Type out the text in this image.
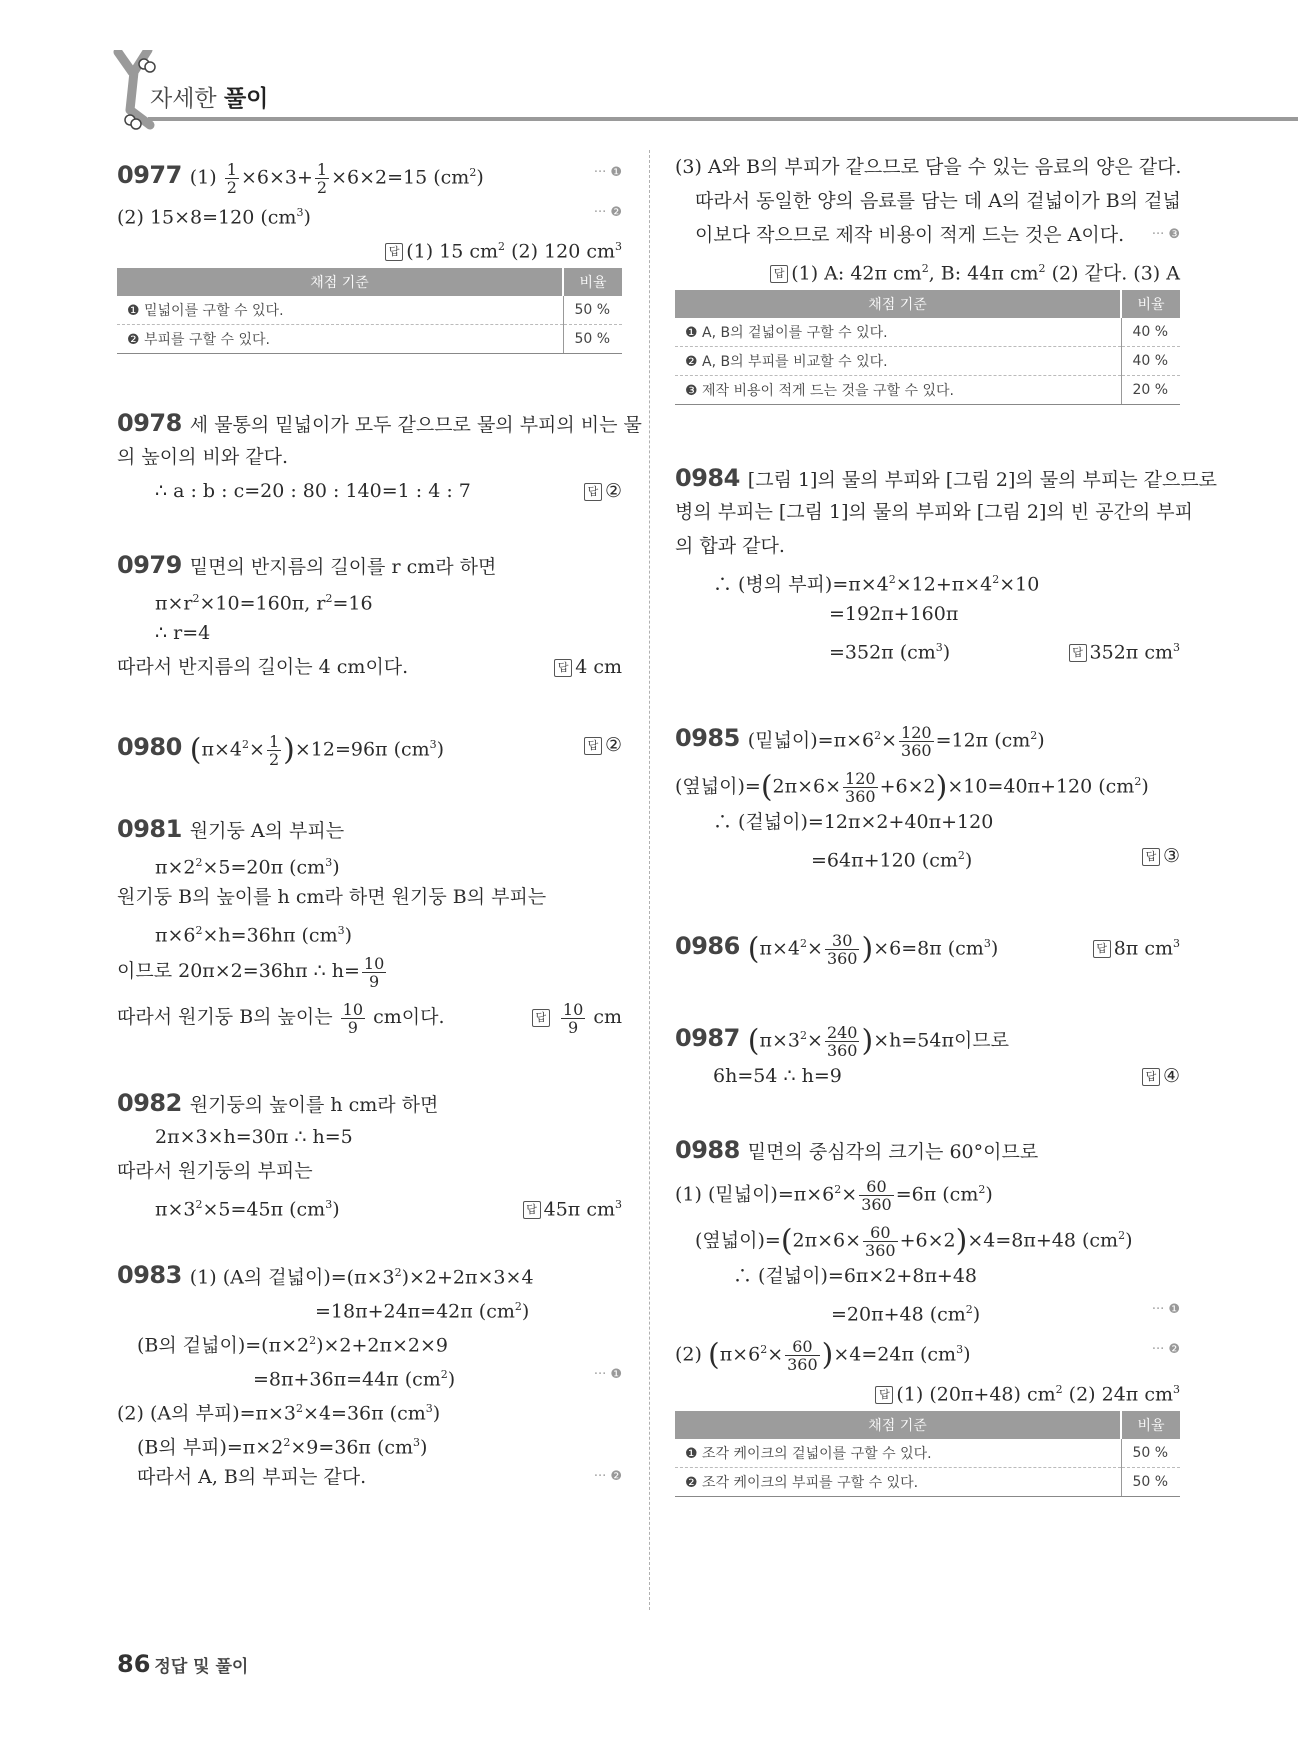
자세한 풀이
0977 $(1) \frac{1}{2} \times 6\times 3+ \frac{1}{2} \times 6\times 2=15$ $(cm^2)$	··· ❶
(2) 15×8=120 $(cm^3)$	··· ❷
답 (1) 15 $cm^2$ (2) 120 $cm^3$
채점 기준	비율
❶ 밑넓이를 구할 수 있다.	50 %
❷ 부피를 구할 수 있다.	50 %
0978 세 물통의 밑넓이가 모두 같으므로 물의 부피의 비는 물
의 높이의 비와 같다.
∴ a : b : c=20 : 80 : 140=1 : 4 : 7	답 ②
0979 밑면의 반지름의 길이를 r cm라 하면
$\pi\times r^2\times 10=160\pi$, $r^2=16$
∴ r=4
따라서 반지름의 길이는 4 cm이다.	답 4 cm
0980 $(\pi\times 4^2\times \frac{1}{2} )\times 12=96\pi$ $(cm^3)$	답 ②
0981 원기둥 A의 부피는
$\pi\times 2^2\times 5=20\pi$ $(cm^3)$
원기둥 B의 높이를 h cm라 하면 원기둥 B의 부피는
$\pi\times 6^2\times h=36h\pi$ $(cm^3)$
이므로 20π×2=36hπ ∴ $h= \frac{10}{9}$
따라서 원기둥 B의 높이는 $\frac{10}{9}$ cm이다.	답 $\frac{10}{9}$ cm
0982 원기둥의 높이를 h cm라 하면
2π×3×h=30π ∴ h=5
따라서 원기둥의 부피는
$\pi\times 3^2\times 5=45\pi$ $(cm^3)$	답 45π $cm^3$
0983 (1) (A의 겉넓이)$=(\pi\times 3^2)\times 2+2\pi\times 3\times 4$
=18π+24π=42π $(cm^2)$
(B의 겉넓이)$=(\pi\times 2^2)\times 2+2\pi\times 2\times 9$
=8π+36π=44π $(cm^2)$	··· ❶
(2) (A의 부피)$=\pi\times 3^2\times 4=36\pi$ $(cm^3)$
(B의 부피)$=\pi\times 2^2\times 9=36\pi$ $(cm^3)$
따라서 A, B의 부피는 같다.	··· ❷
(3) A와 B의 부피가 같으므로 담을 수 있는 음료의 양은 같다.
따라서 동일한 양의 음료를 담는 데 A의 겉넓이가 B의 겉넓
이보다 작으므로 제작 비용이 적게 드는 것은 A이다. ··· ❸
답 (1) A: 42π $cm^2$, B: 44π $cm^2$ (2) 같다. (3) A
채점 기준	비율
❶ A, B의 겉넓이를 구할 수 있다.	40 %
❷ A, B의 부피를 비교할 수 있다.	40 %
❸ 제작 비용이 적게 드는 것을 구할 수 있다.	20 %
0984 [그림 1]의 물의 부피와 [그림 2]의 물의 부피는 같으므로
병의 부피는 [그림 1]의 물의 부피와 [그림 2]의 빈 공간의 부피
의 합과 같다.
∴ (병의 부피)$=\pi\times 4^2\times 12+\pi\times 4^2\times 10$
=192π+160π
=352π $(cm^3)$	답 352π $cm^3$
0985 (밑넓이)$=\pi\times 6^2\times \frac{120}{360} =12\pi$ $(cm^2)$
(옆넓이)$=(2\pi\times 6\times \frac{120}{360} +6\times 2)\times 10=40\pi+120$ $(cm^2)$
∴ (겉넓이)=12π×2+40π+120
=64π+120 $(cm^2)$	답 ③
0986 $(\pi\times 4^2\times \frac{30}{360} )\times 6=8\pi$ $(cm^3)$	답 8π $cm^3$
0987 $(\pi\times 3^2\times \frac{240}{360} )\times h=54\pi$이므로
6h=54 ∴ h=9	답 ④
0988 밑면의 중심각의 크기는 60°이므로
(1) (밑넓이)$=\pi\times 6^2\times \frac{60}{360} =6\pi$ $(cm^2)$
(옆넓이)$=(2\pi\times 6\times \frac{60}{360} +6\times 2)\times 4=8\pi+48$ $(cm^2)$
∴ (겉넓이)=6π×2+8π+48
=20π+48 $(cm^2)$	··· ❶
(2) $(\pi\times 6^2\times \frac{60}{360} )\times 4=24\pi$ $(cm^3)$	··· ❷
답 (1) (20π+48) $cm^2$ (2) 24π $cm^3$
채점 기준	비율
❶ 조각 케이크의 겉넓이를 구할 수 있다.	50 %
❷ 조각 케이크의 부피를 구할 수 있다.	50 %
86 정답 및 풀이
